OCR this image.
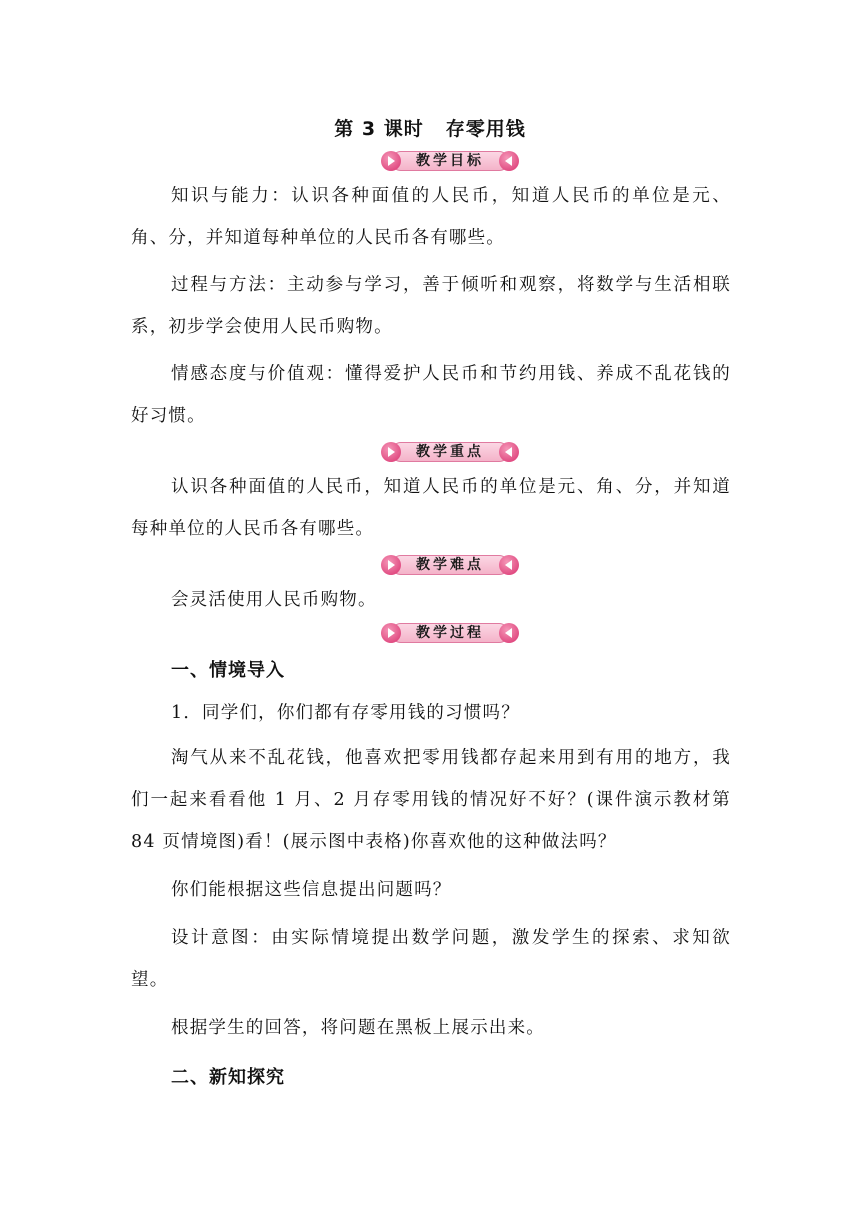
第 3 课时 存零用钱
教学目标
知识与能力：认识各种面值的人民币，知道人民币的单位是元、角、分，并知道每种单位的人民币各有哪些。
过程与方法：主动参与学习，善于倾听和观察，将数学与生活相联系，初步学会使用人民币购物。
情感态度与价值观：懂得爱护人民币和节约用钱、养成不乱花钱的好习惯。
教学重点
认识各种面值的人民币，知道人民币的单位是元、角、分，并知道每种单位的人民币各有哪些。
教学难点
会灵活使用人民币购物。
教学过程
一、情境导入
1．同学们，你们都有存零用钱的习惯吗？
淘气从来不乱花钱，他喜欢把零用钱都存起来用到有用的地方，我们一起来看看他 1 月、2 月存零用钱的情况好不好？(课件演示教材第 84 页情境图)看！(展示图中表格)你喜欢他的这种做法吗？
你们能根据这些信息提出问题吗？
设计意图：由实际情境提出数学问题，激发学生的探索、求知欲望。
根据学生的回答，将问题在黑板上展示出来。
二、新知探究
